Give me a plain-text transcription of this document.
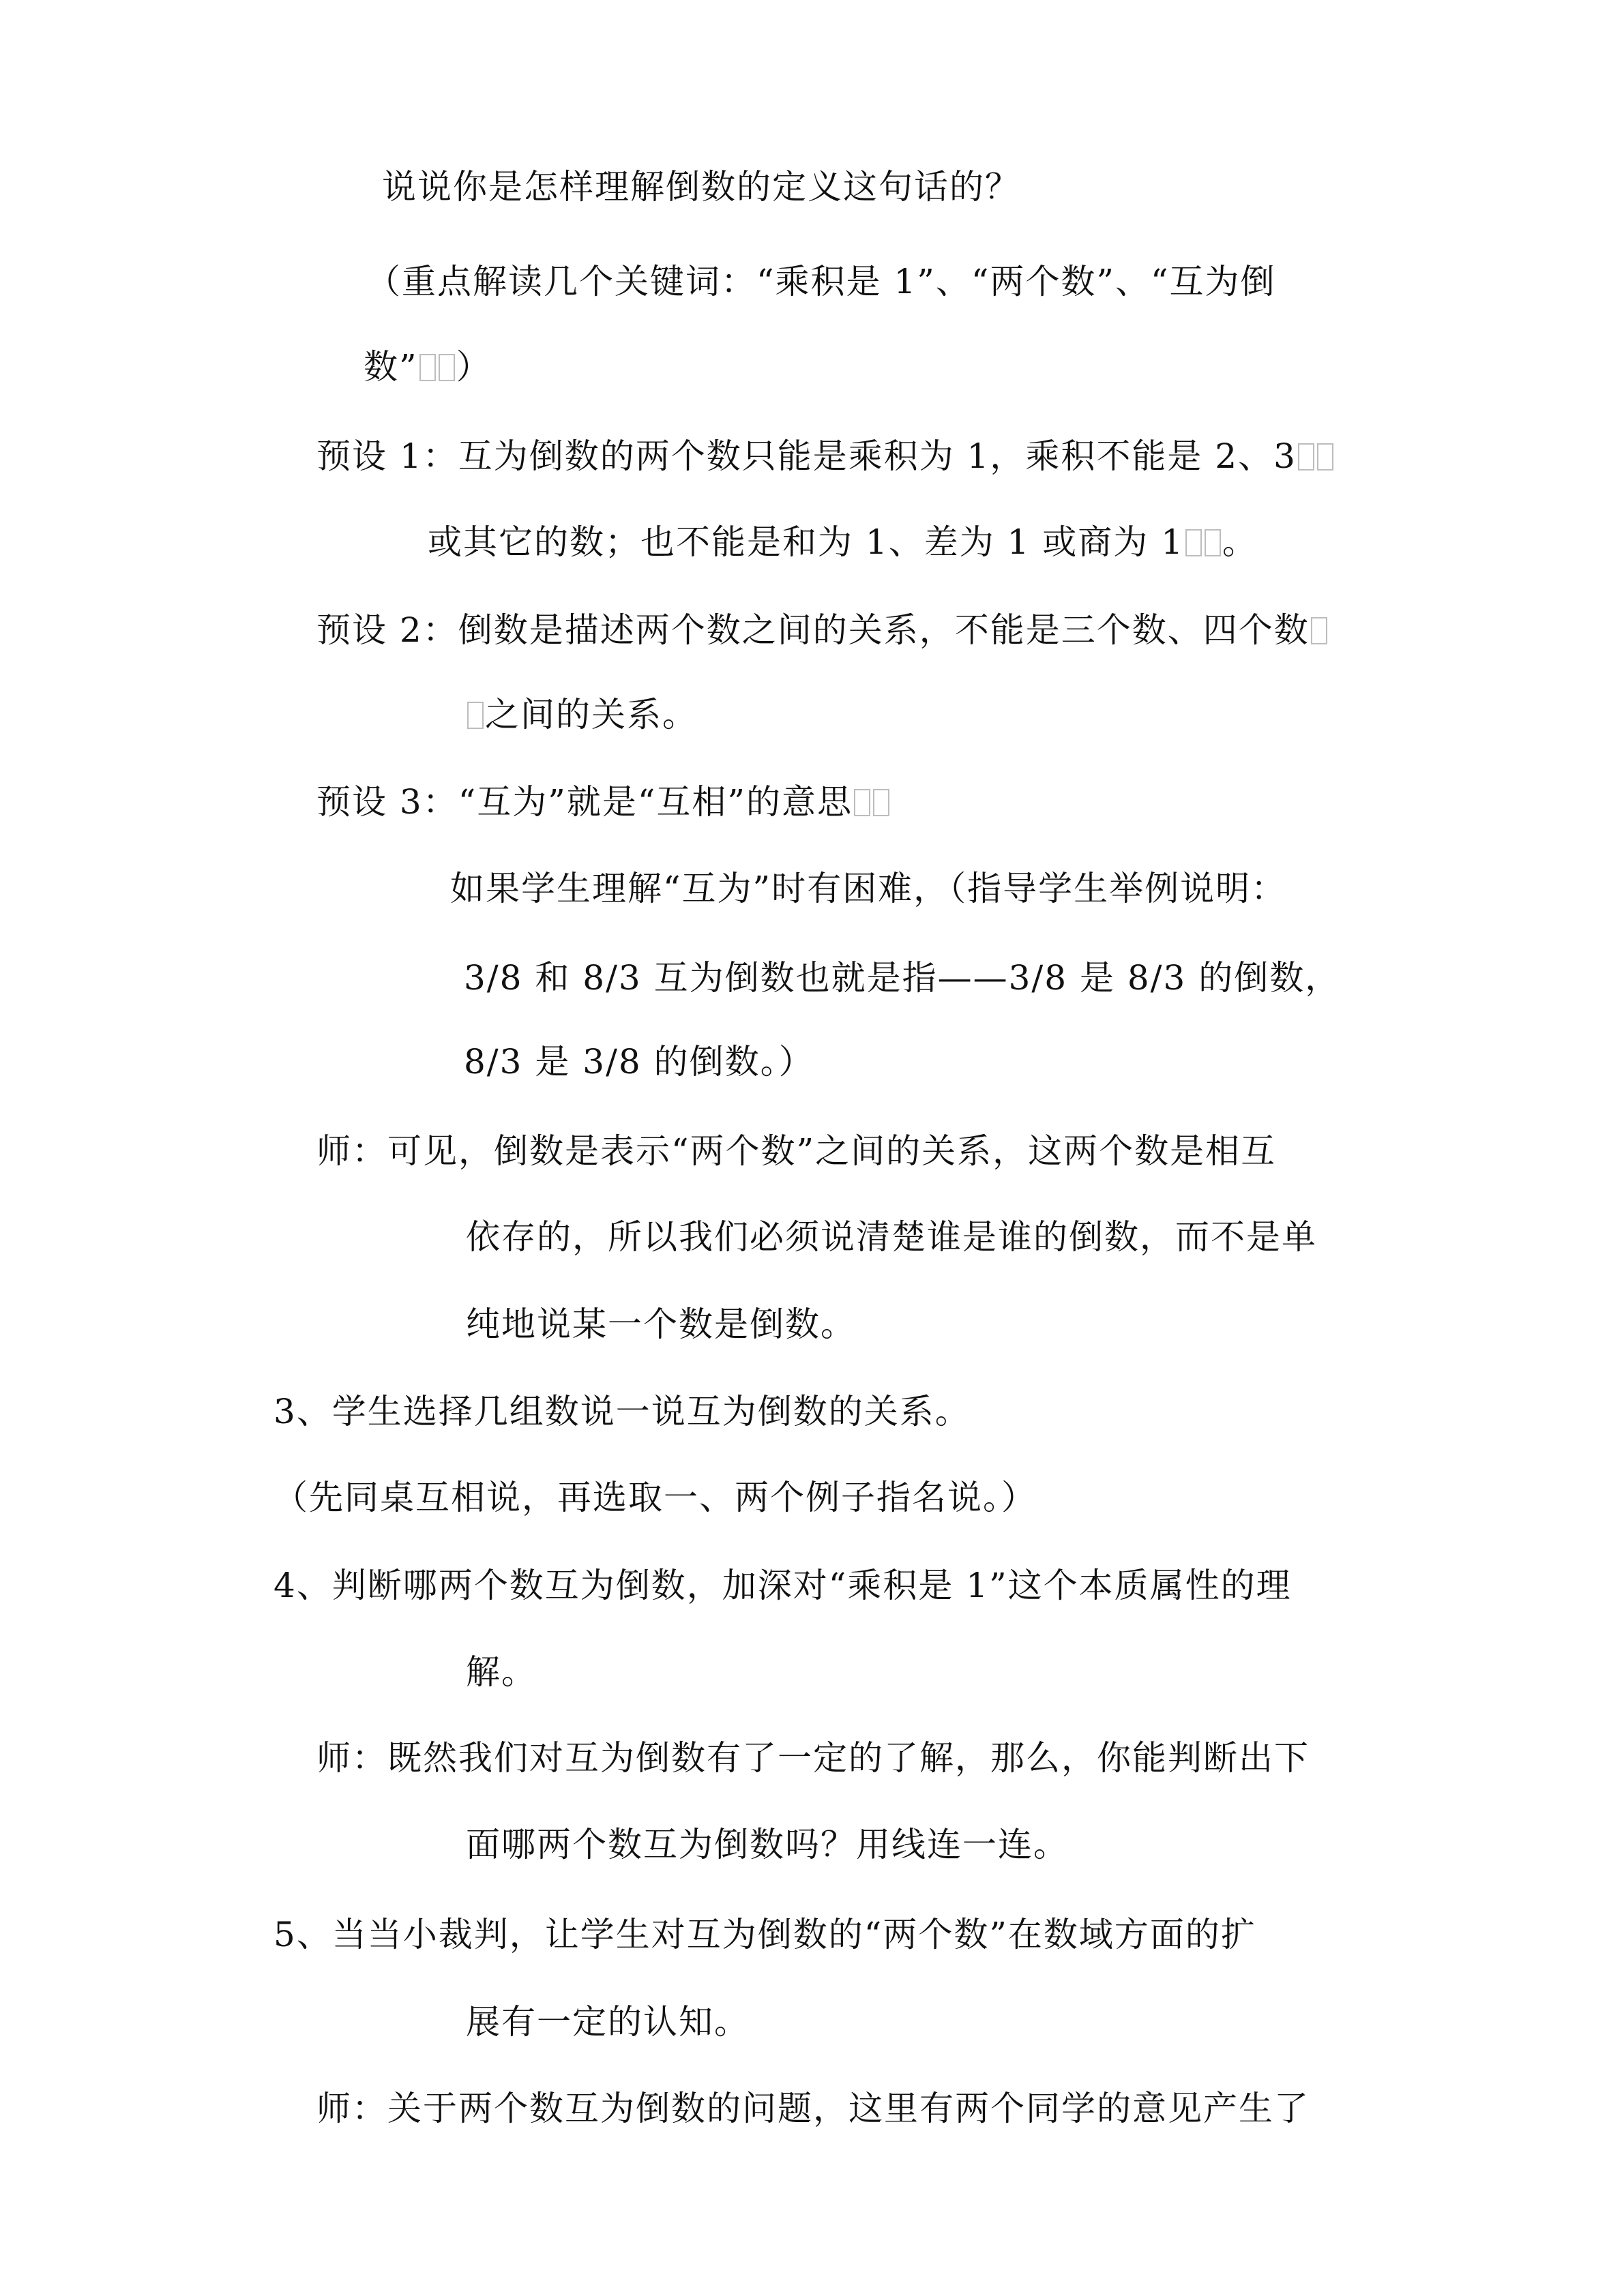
说说你是怎样理解倒数的定义这句话的？
（重点解读几个关键词：“乘积是 1”、“两个数”、“互为倒
数” ）
预设 1：互为倒数的两个数只能是乘积为 1，乘积不能是 2、3
或其它的数；也不能是和为 1、差为 1 或商为 1 。
预设 2：倒数是描述两个数之间的关系，不能是三个数、四个数
之间的关系。
预设 3：“互为”就是“互相”的意思
如果学生理解“互为”时有困难，（指导学生举例说明：
3/8 和 8/3 互为倒数也就是指——3/8 是 8/3 的倒数，
8/3 是 3/8 的倒数。）
师：可见，倒数是表示“两个数”之间的关系，这两个数是相互
依存的，所以我们必须说清楚谁是谁的倒数，而不是单
纯地说某一个数是倒数。
3、学生选择几组数说一说互为倒数的关系。
（先同桌互相说，再选取一、两个例子指名说。）
4、判断哪两个数互为倒数，加深对“乘积是 1”这个本质属性的理
解。
师：既然我们对互为倒数有了一定的了解，那么，你能判断出下
面哪两个数互为倒数吗？用线连一连。
5、当当小裁判，让学生对互为倒数的“两个数”在数域方面的扩
展有一定的认知。
师：关于两个数互为倒数的问题，这里有两个同学的意见产生了
